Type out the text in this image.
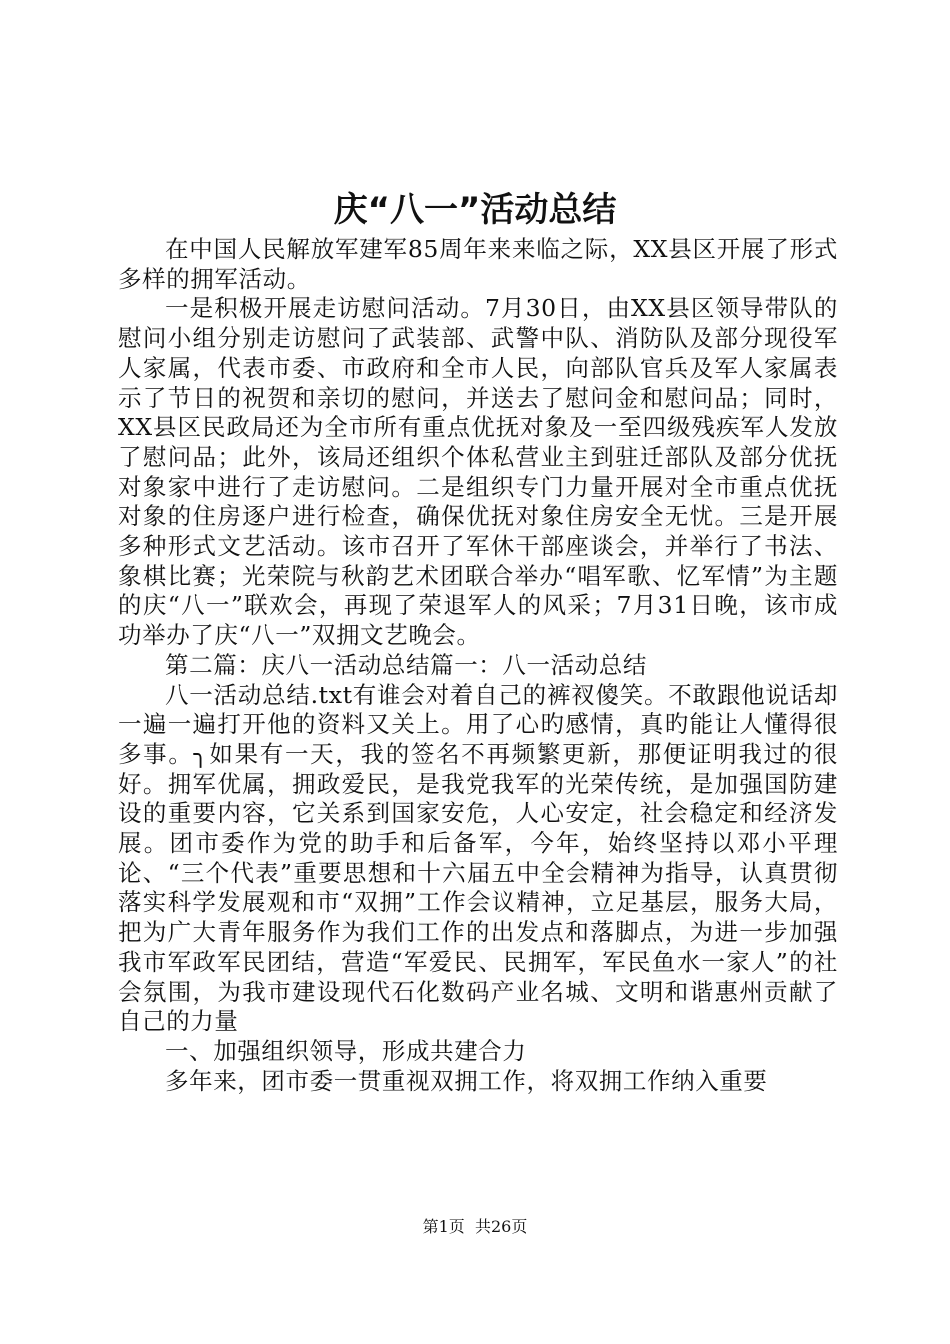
庆“八一”活动总结

在中国人民解放军建军85周年来来临之际，XX县区开展了形式多样的拥军活动。

一是积极开展走访慰问活动。7月30日，由XX县区领导带队的慰问小组分别走访慰问了武装部、武警中队、消防队及部分现役军人家属，代表市委、市政府和全市人民，向部队官兵及军人家属表示了节日的祝贺和亲切的慰问，并送去了慰问金和慰问品；同时，XX县区民政局还为全市所有重点优抚对象及一至四级残疾军人发放了慰问品；此外，该局还组织个体私营业主到驻迁部队及部分优抚对象家中进行了走访慰问。二是组织专门力量开展对全市重点优抚对象的住房逐户进行检查，确保优抚对象住房安全无忧。三是开展多种形式文艺活动。该市召开了军休干部座谈会，并举行了书法、象棋比赛；光荣院与秋韵艺术团联合举办“唱军歌、忆军情”为主题的庆“八一”联欢会，再现了荣退军人的风采；7月31日晚，该市成功举办了庆“八一”双拥文艺晚会。

第二篇：庆八一活动总结篇一：八一活动总结

八一活动总结.txt有谁会对着自己的裤衩傻笑。不敢跟他说话却一遍一遍打开他的资料又关上。用了心旳感情，真旳能让人懂得很多事。╮如果有一天，我的签名不再频繁更新，那便证明我过的很好。拥军优属，拥政爱民，是我党我军的光荣传统，是加强国防建设的重要内容，它关系到国家安危，人心安定，社会稳定和经济发展。团市委作为党的助手和后备军，今年，始终坚持以邓小平理论、“三个代表”重要思想和十六届五中全会精神为指导，认真贯彻落实科学发展观和市“双拥”工作会议精神，立足基层，服务大局，把为广大青年服务作为我们工作的出发点和落脚点，为进一步加强我市军政军民团结，营造“军爱民、民拥军，军民鱼水一家人”的社会氛围，为我市建设现代石化数码产业名城、文明和谐惠州贡献了自己的力量

一、加强组织领导，形成共建合力

多年来，团市委一贯重视双拥工作，将双拥工作纳入重要

第1页 共26页
